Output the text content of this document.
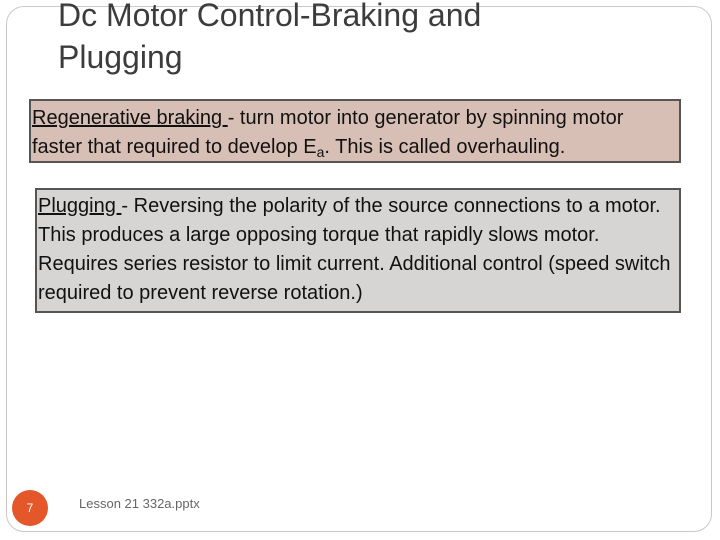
Dc Motor Control-Braking and
Plugging

Regenerative braking - turn motor into generator by spinning motor faster that required to develop $E_a$. This is called overhauling.

Plugging - Reversing the polarity of the source connections to a motor. This produces a large opposing torque that rapidly slows motor. Requires series resistor to limit current. Additional control (speed switch required to prevent reverse rotation.)

7	Lesson 21 332a.pptx
